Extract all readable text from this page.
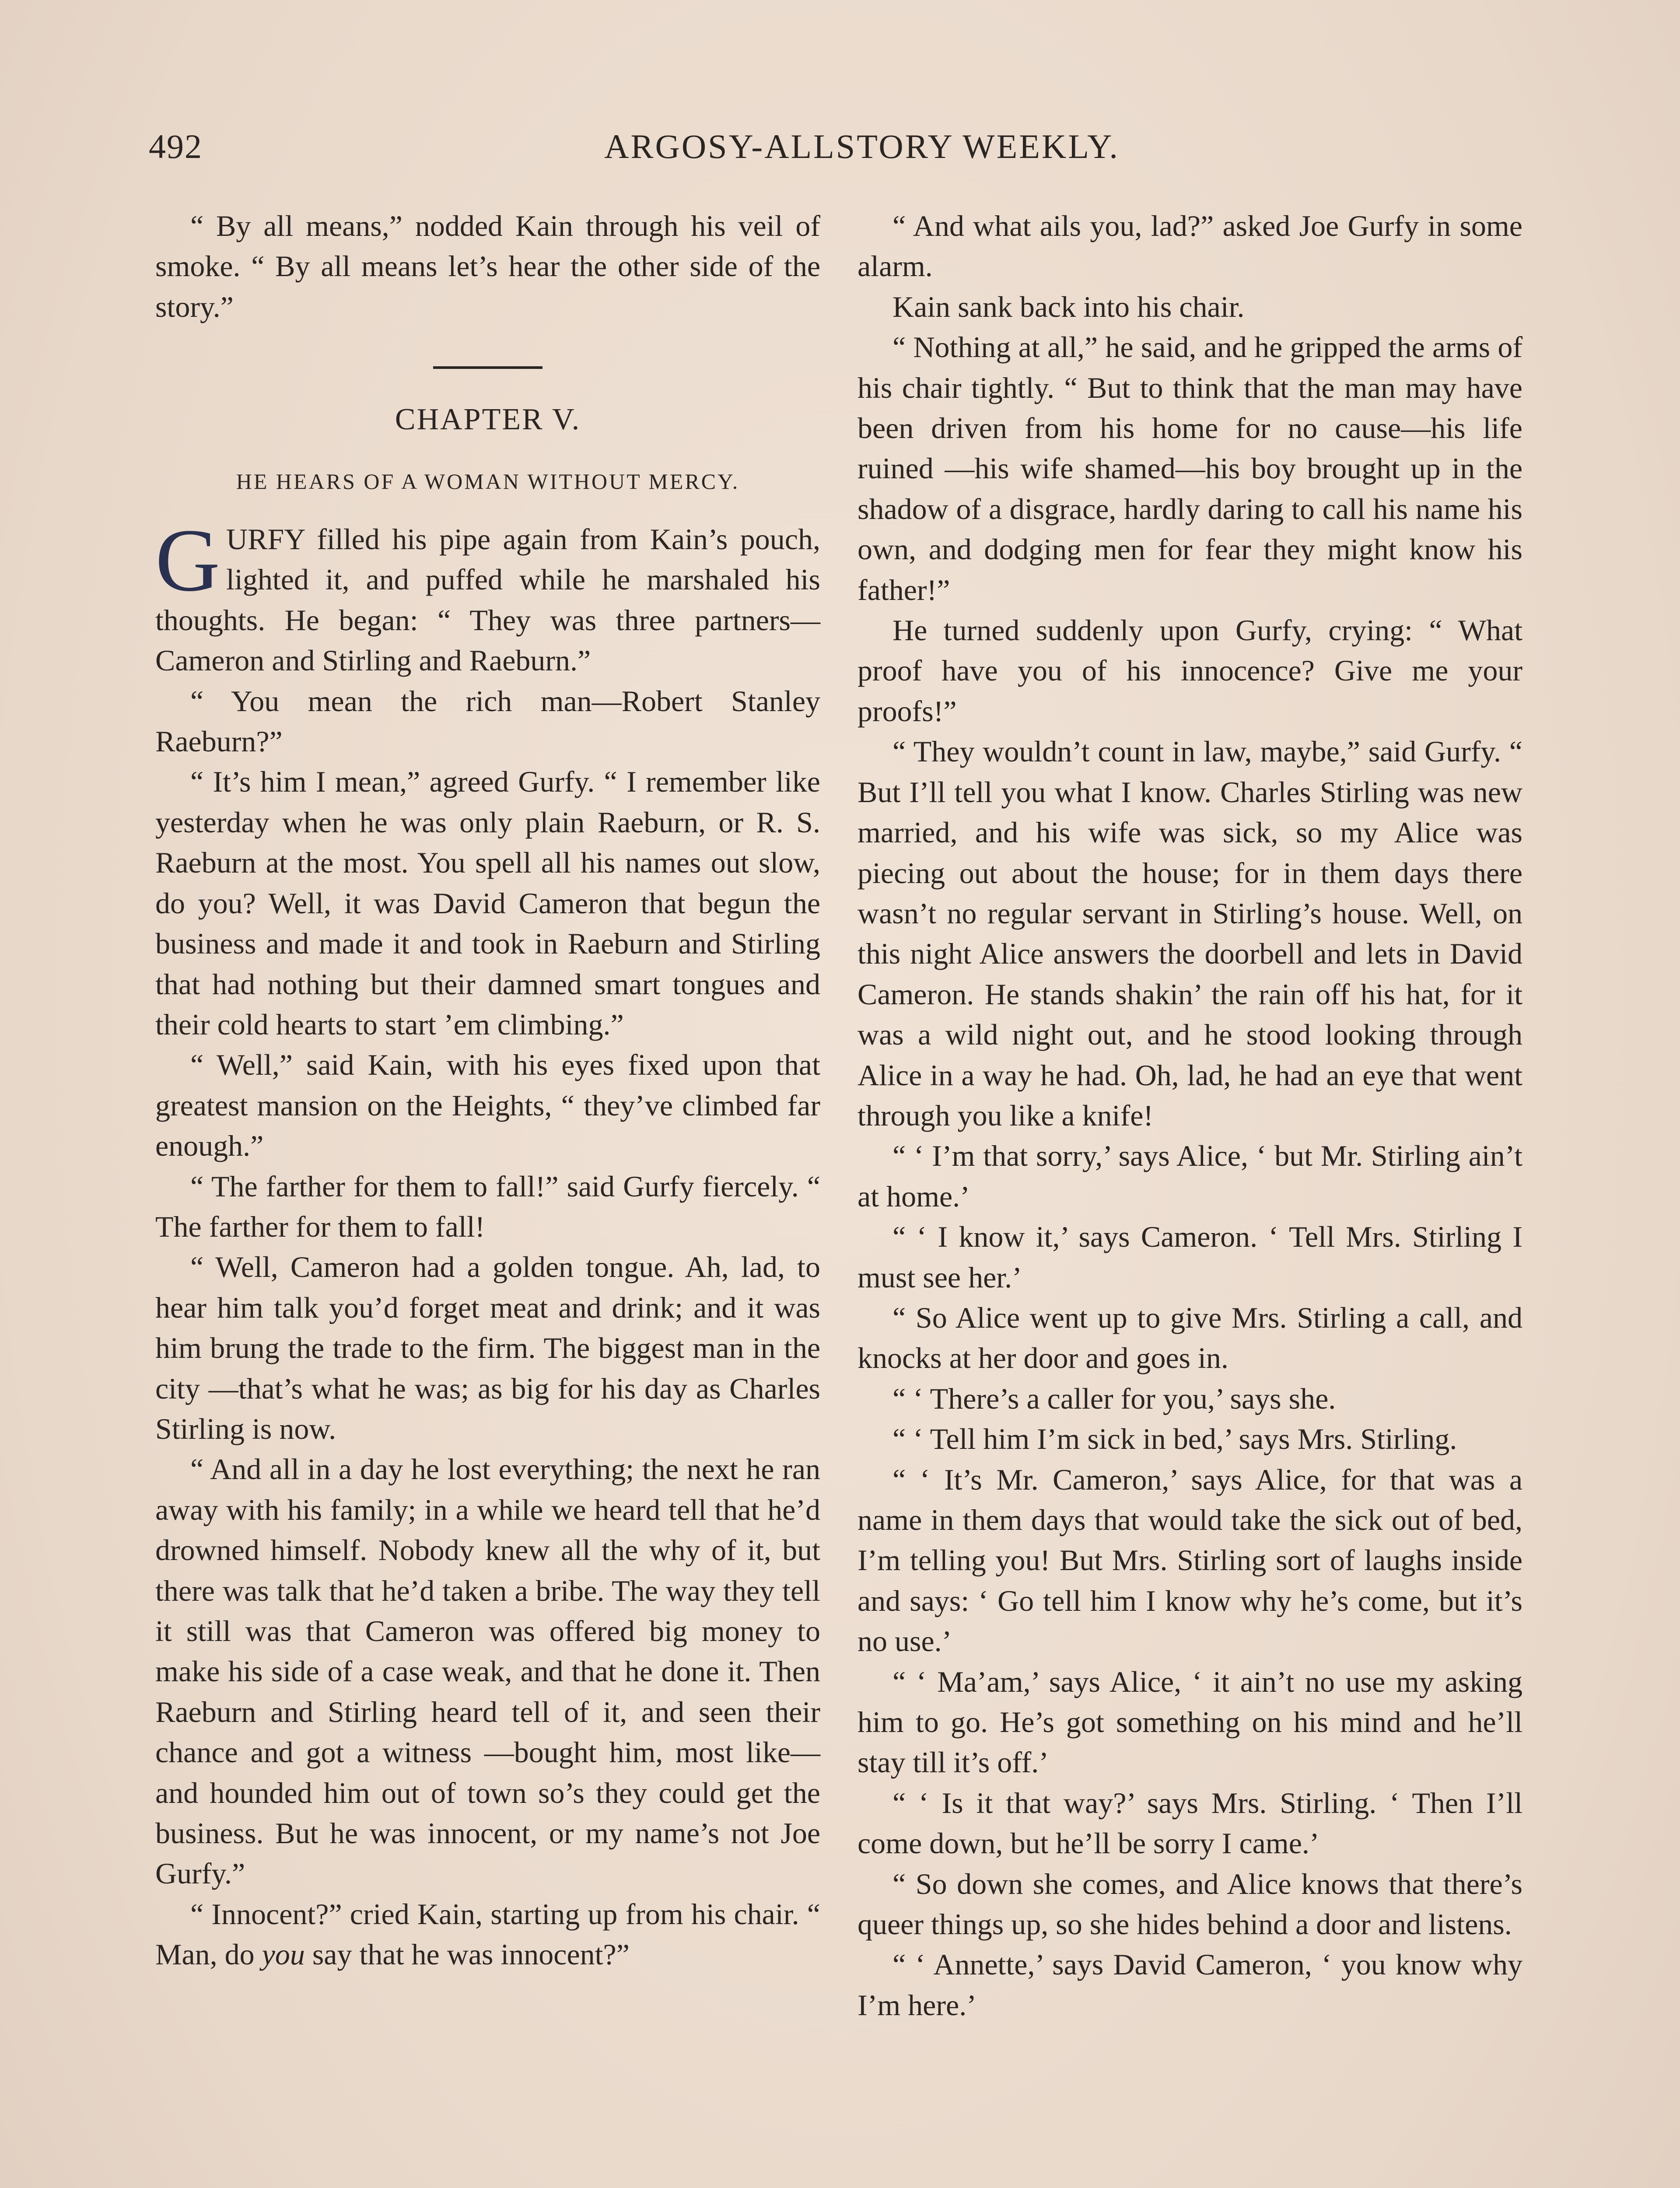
492	ARGOSY-ALLSTORY WEEKLY.

“ By all means,” nodded Kain through his veil of smoke. “ By all means let’s hear the other side of the story.”

CHAPTER V.
HE HEARS OF A WOMAN WITHOUT MERCY.

GURFY filled his pipe again from Kain’s pouch, lighted it, and puffed while he marshaled his thoughts. He began: “ They was three partners—Cameron and Stirling and Raeburn.”

“ You mean the rich man—Robert Stanley Raeburn?”

“ It’s him I mean,” agreed Gurfy. “ I remember like yesterday when he was only plain Raeburn, or R. S. Raeburn at the most. You spell all his names out slow, do you? Well, it was David Cameron that begun the business and made it and took in Raeburn and Stirling that had nothing but their damned smart tongues and their cold hearts to start ’em climbing.”

“ Well,” said Kain, with his eyes fixed upon that greatest mansion on the Heights, “ they’ve climbed far enough.”

“ The farther for them to fall!” said Gurfy fiercely. “ The farther for them to fall!

“ Well, Cameron had a golden tongue. Ah, lad, to hear him talk you’d forget meat and drink; and it was him brung the trade to the firm. The biggest man in the city —that’s what he was; as big for his day as Charles Stirling is now.

“ And all in a day he lost everything; the next he ran away with his family; in a while we heard tell that he’d drowned himself. Nobody knew all the why of it, but there was talk that he’d taken a bribe. The way they tell it still was that Cameron was offered big money to make his side of a case weak, and that he done it. Then Raeburn and Stirling heard tell of it, and seen their chance and got a witness —bought him, most like—and hounded him out of town so’s they could get the business. But he was innocent, or my name’s not Joe Gurfy.”

“ Innocent?” cried Kain, starting up from his chair. “ Man, do you say that he was innocent?”

“ And what ails you, lad?” asked Joe Gurfy in some alarm.

Kain sank back into his chair.

“ Nothing at all,” he said, and he gripped the arms of his chair tightly. “ But to think that the man may have been driven from his home for no cause—his life ruined —his wife shamed—his boy brought up in the shadow of a disgrace, hardly daring to call his name his own, and dodging men for fear they might know his father!”

He turned suddenly upon Gurfy, crying: “ What proof have you of his innocence? Give me your proofs!”

“ They wouldn’t count in law, maybe,” said Gurfy. “ But I’ll tell you what I know. Charles Stirling was new married, and his wife was sick, so my Alice was piecing out about the house; for in them days there wasn’t no regular servant in Stirling’s house. Well, on this night Alice answers the doorbell and lets in David Cameron. He stands shakin’ the rain off his hat, for it was a wild night out, and he stood looking through Alice in a way he had. Oh, lad, he had an eye that went through you like a knife!

“ ‘ I’m that sorry,’ says Alice, ‘ but Mr. Stirling ain’t at home.’

“ ‘ I know it,’ says Cameron. ‘ Tell Mrs. Stirling I must see her.’

“ So Alice went up to give Mrs. Stirling a call, and knocks at her door and goes in.

“ ‘ There’s a caller for you,’ says she.

“ ‘ Tell him I’m sick in bed,’ says Mrs. Stirling.

“ ‘ It’s Mr. Cameron,’ says Alice, for that was a name in them days that would take the sick out of bed, I’m telling you! But Mrs. Stirling sort of laughs inside and says: ‘ Go tell him I know why he’s come, but it’s no use.’

“ ‘ Ma’am,’ says Alice, ‘ it ain’t no use my asking him to go. He’s got something on his mind and he’ll stay till it’s off.’

“ ‘ Is it that way?’ says Mrs. Stirling. ‘ Then I’ll come down, but he’ll be sorry I came.’

“ So down she comes, and Alice knows that there’s queer things up, so she hides behind a door and listens.

“ ‘ Annette,’ says David Cameron, ‘ you know why I’m here.’
